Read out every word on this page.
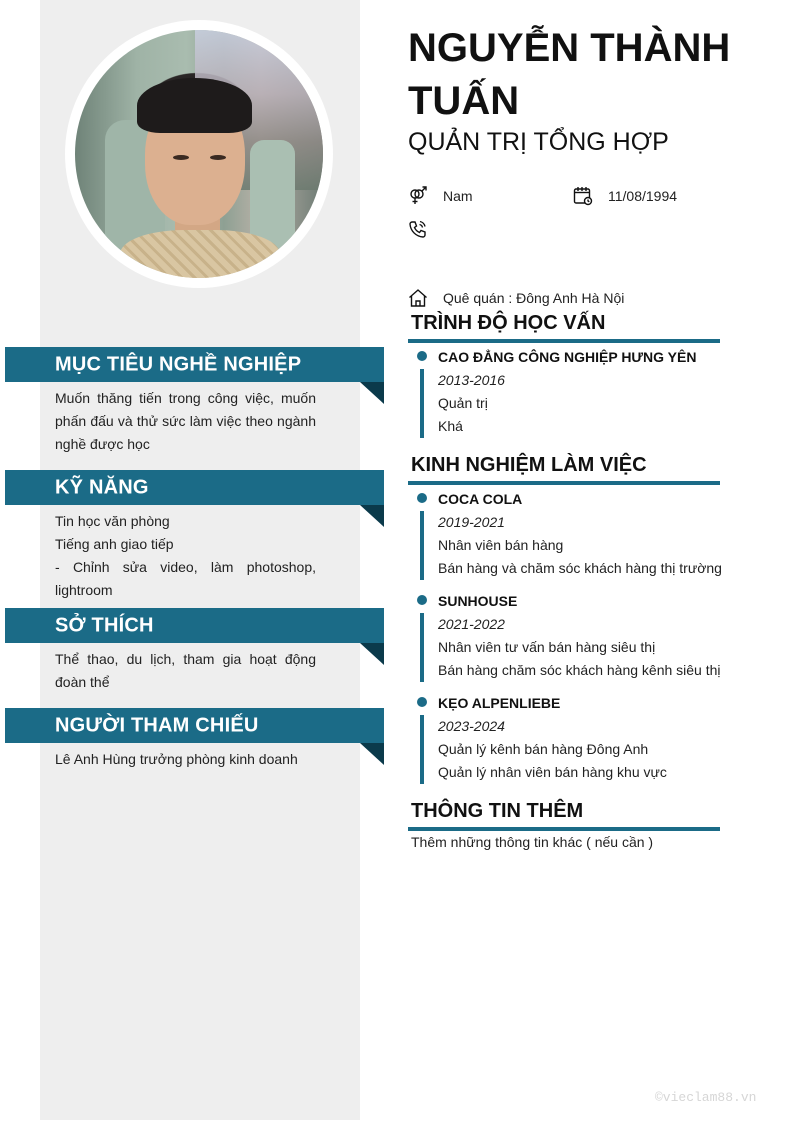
MỤC TIÊU NGHỀ NGHIỆP

Muốn thăng tiến trong công việc, muốn phấn đấu và thử sức làm việc theo ngành nghề được học

KỸ NĂNG

Tin học văn phòng

Tiếng anh giao tiếp

- Chỉnh sửa video, làm photoshop, lightroom

SỞ THÍCH

Thể thao, du lịch, tham gia hoạt động đoàn thể

NGƯỜI THAM CHIẾU

Lê Anh Hùng trưởng phòng kinh doanh

NGUYỄN THÀNH TUẤN
QUẢN TRỊ TỔNG HỢP
Nam	11/08/1994
Quê quán : Đông Anh Hà Nội
TRÌNH ĐỘ HỌC VẤN
CAO ĐẲNG CÔNG NGHIỆP HƯNG YÊN
2013-2016
Quản trị
Khá
KINH NGHIỆM LÀM VIỆC
COCA COLA
2019-2021
Nhân viên bán hàng
Bán hàng và chăm sóc khách hàng thị trường
SUNHOUSE
2021-2022
Nhân viên tư vấn bán hàng siêu thị
Bán hàng chăm sóc khách hàng kênh siêu thị
KẸO ALPENLIEBE
2023-2024
Quản lý kênh bán hàng Đông Anh
Quản lý nhân viên bán hàng khu vực
THÔNG TIN THÊM
Thêm những thông tin khác ( nếu cần )
©vieclam88.vn
